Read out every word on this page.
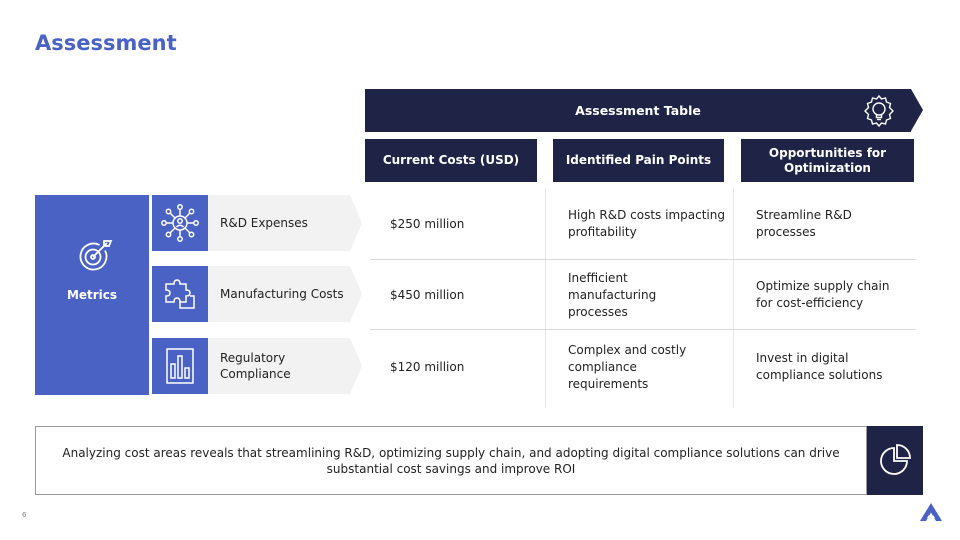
Assessment
Assessment Table
Current Costs (USD)	Identified Pain Points
Opportunities for Optimization
Metrics
R&D Expenses
Manufacturing Costs
Regulatory Compliance
$250 million
High R&D costs impacting profitability
Streamline R&D processes
$450 million
Inefficient manufacturing processes
Optimize supply chain for cost-efficiency
$120 million
Complex and costly compliance requirements
Invest in digital compliance solutions
Analyzing cost areas reveals that streamlining R&D, optimizing supply chain, and adopting digital compliance solutions can drive substantial cost savings and improve ROI
6
